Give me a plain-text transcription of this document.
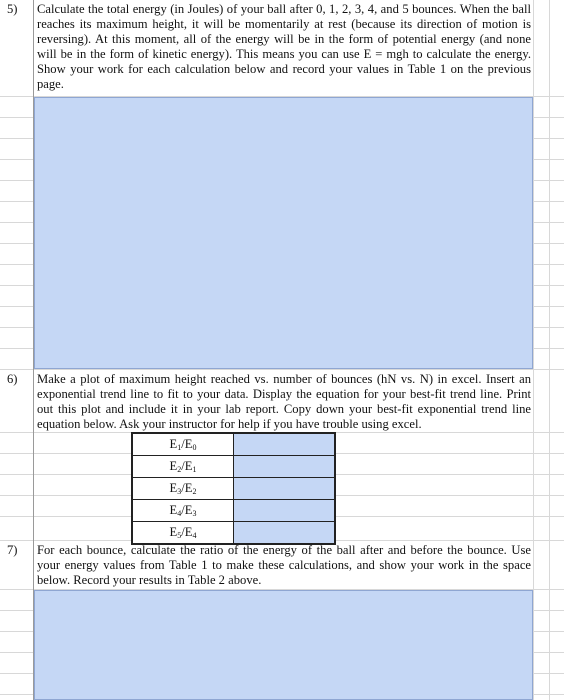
5) Calculate the total energy (in Joules) of your ball after 0, 1, 2, 3, 4, and 5 bounces. When the ball reaches its maximum height, it will be momentarily at rest (because its direction of motion is reversing). At this moment, all of the energy will be in the form of potential energy (and none will be in the form of kinetic energy). This means you can use E = mgh to calculate the energy. Show your work for each calculation below and record your values in Table 1 on the previous page.
6) Make a plot of maximum height reached vs. number of bounces (hN vs. N) in excel. Insert an exponential trend line to fit to your data. Display the equation for your best-fit trend line. Print out this plot and include it in your lab report. Copy down your best-fit exponential trend line equation below. Ask your instructor for help if you have trouble using excel.
$E_1/E_0$	
$E_2/E_1$	
$E_3/E_2$	
$E_4/E_3$	
$E_5/E_4$	
7) For each bounce, calculate the ratio of the energy of the ball after and before the bounce. Use your energy values from Table 1 to make these calculations, and show your work in the space below. Record your results in Table 2 above.
